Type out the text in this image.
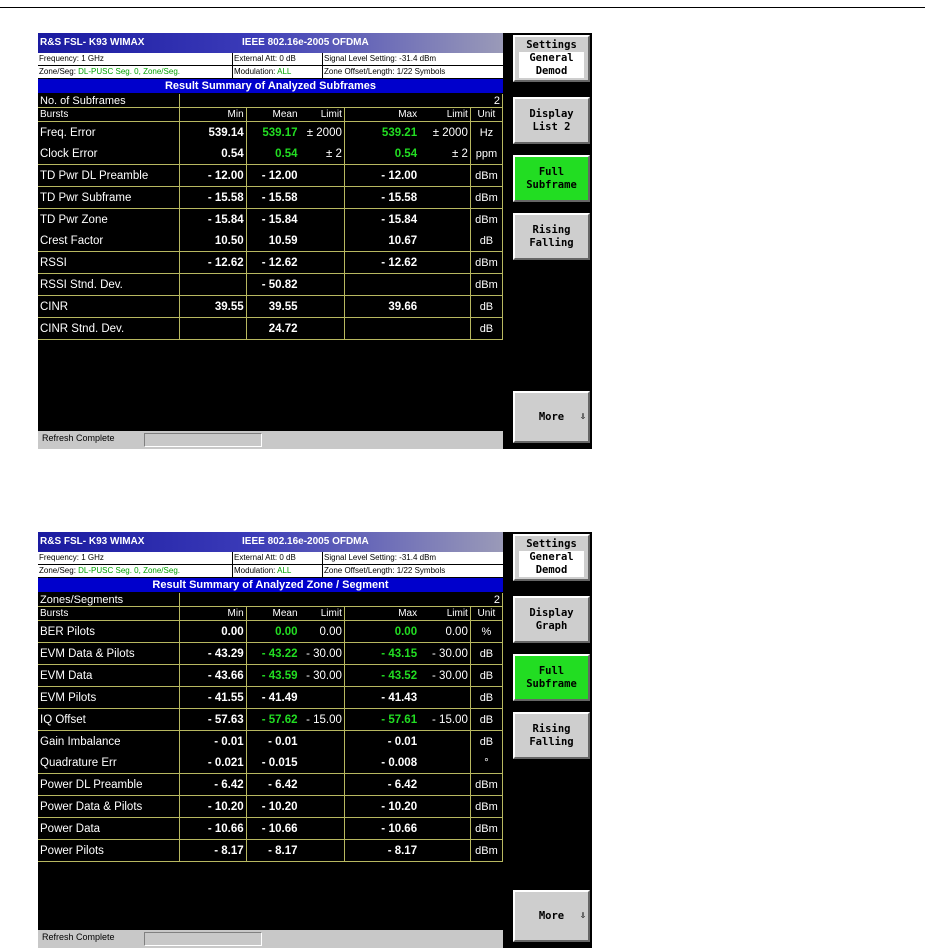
R&S FSL- K93 WIMAX	IEEE 802.16e-2005 OFDMA
Frequency: 1 GHz	External Att: 0 dB	Signal Level Setting: -31.4 dBm
Zone/Seg: DL-PUSC Seg. 0, Zone/Seg.	Modulation: ALL	Zone Offset/Length: 1/22 Symbols
Result Summary of Analyzed Subframes
No. of Subframes	2					
Bursts	Min	Mean	Limit	Max	Limit	Unit
Freq. Error	539.14	539.17	± 2000	539.21	± 2000	Hz
Clock Error	0.54	0.54	± 2	0.54	± 2	ppm
TD Pwr DL Preamble	- 12.00	- 12.00		- 12.00		dBm
TD Pwr Subframe	- 15.58	- 15.58		- 15.58		dBm
TD Pwr Zone	- 15.84	- 15.84		- 15.84		dBm
Crest Factor	10.50	10.59		10.67		dB
RSSI	- 12.62	- 12.62		- 12.62		dBm
RSSI Stnd. Dev.		- 50.82				dBm
CINR	39.55	39.55		39.66		dB
CINR Stnd. Dev.		24.72				dB
Refresh Complete
Settings
General
Demod
Display
List 2
Full
Subframe
Rising
Falling
More ⇩
R&S FSL- K93 WIMAX	IEEE 802.16e-2005 OFDMA
Frequency: 1 GHz	External Att: 0 dB	Signal Level Setting: -31.4 dBm
Zone/Seg: DL-PUSC Seg. 0, Zone/Seg.	Modulation: ALL	Zone Offset/Length: 1/22 Symbols
Result Summary of Analyzed Zone / Segment
Zones/Segments	2					
Bursts	Min	Mean	Limit	Max	Limit	Unit
BER Pilots	0.00	0.00	0.00	0.00	0.00	%
EVM Data & Pilots	- 43.29	- 43.22	- 30.00	- 43.15	- 30.00	dB
EVM Data	- 43.66	- 43.59	- 30.00	- 43.52	- 30.00	dB
EVM Pilots	- 41.55	- 41.49		- 41.43		dB
IQ Offset	- 57.63	- 57.62	- 15.00	- 57.61	- 15.00	dB
Gain Imbalance	- 0.01	- 0.01		- 0.01		dB
Quadrature Err	- 0.021	- 0.015		- 0.008		°
Power DL Preamble	- 6.42	- 6.42		- 6.42		dBm
Power Data & Pilots	- 10.20	- 10.20		- 10.20		dBm
Power Data	- 10.66	- 10.66		- 10.66		dBm
Power Pilots	- 8.17	- 8.17		- 8.17		dBm
Refresh Complete
Settings
General
Demod
Display
Graph
Full
Subframe
Rising
Falling
More ⇩
